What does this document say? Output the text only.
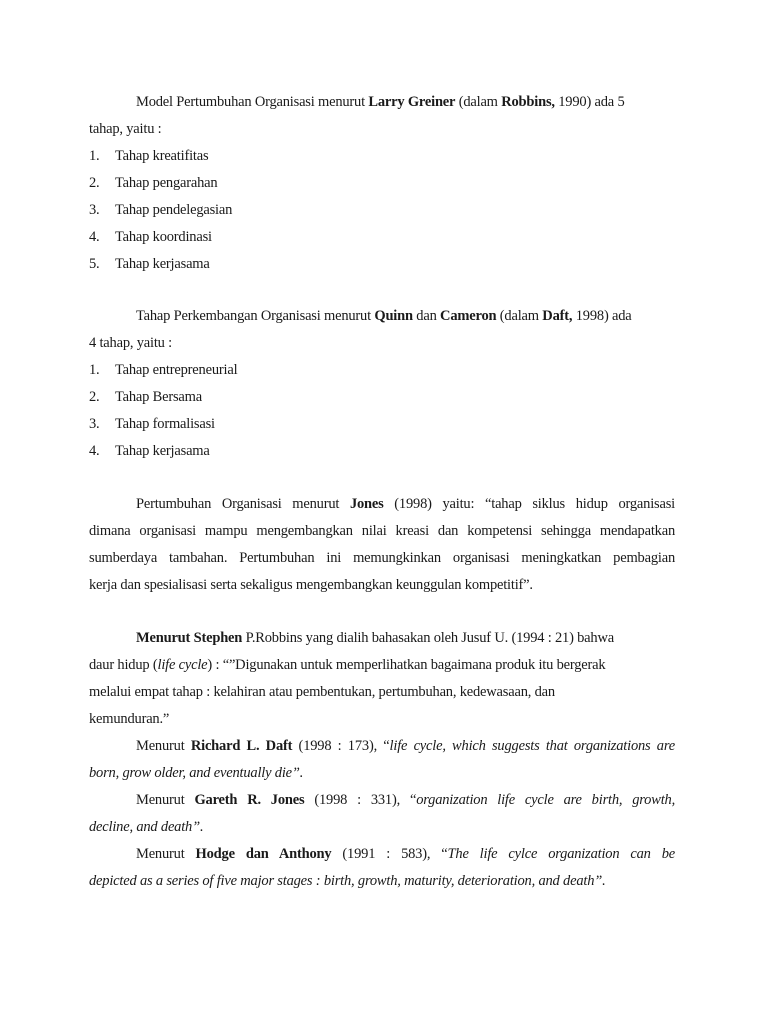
Model Pertumbuhan Organisasi menurut Larry Greiner (dalam Robbins, 1990) ada 5
tahap, yaitu :
1. Tahap kreatifitas
2. Tahap pengarahan
3. Tahap pendelegasian
4. Tahap koordinasi
5. Tahap kerjasama
Tahap Perkembangan Organisasi menurut Quinn dan Cameron (dalam Daft, 1998) ada
4 tahap, yaitu :
1. Tahap entrepreneurial
2. Tahap Bersama
3. Tahap formalisasi
4. Tahap kerjasama
Pertumbuhan Organisasi menurut Jones (1998) yaitu: “tahap siklus hidup organisasi
dimana organisasi mampu mengembangkan nilai kreasi dan kompetensi sehingga mendapatkan
sumberdaya tambahan. Pertumbuhan ini memungkinkan organisasi meningkatkan pembagian
kerja dan spesialisasi serta sekaligus mengembangkan keunggulan kompetitif”.
Menurut Stephen P.Robbins yang dialih bahasakan oleh Jusuf U. (1994 : 21) bahwa
daur hidup (life cycle) : “”Digunakan untuk memperlihatkan bagaimana produk itu bergerak
melalui empat tahap : kelahiran atau pembentukan, pertumbuhan, kedewasaan, dan
kemunduran.”
Menurut Richard L. Daft (1998 : 173), “life cycle, which suggests that organizations are
born, grow older, and eventually die”.
Menurut Gareth R. Jones (1998 : 331), “organization life cycle are birth, growth,
decline, and death”.
Menurut Hodge dan Anthony (1991 : 583), “The life cylce organization can be
depicted as a series of five major stages : birth, growth, maturity, deterioration, and death”.
